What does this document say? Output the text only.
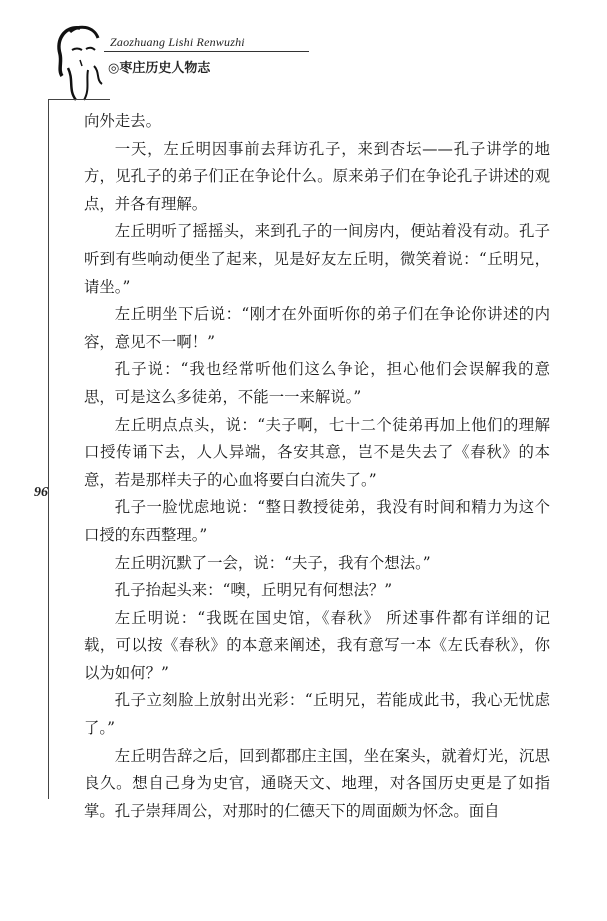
Zaozhuang Lishi Renwuzhi
◎枣庄历史人物志
96

向外走去。

一天，左丘明因事前去拜访孔子，来到杏坛——孔子讲学的地方，见孔子的弟子们正在争论什么。原来弟子们在争论孔子讲述的观点，并各有理解。

左丘明听了摇摇头，来到孔子的一间房内，便站着没有动。孔子听到有些响动便坐了起来，见是好友左丘明，微笑着说：“丘明兄，请坐。”

左丘明坐下后说：“刚才在外面听你的弟子们在争论你讲述的内容，意见不一啊！”

孔子说：“我也经常听他们这么争论，担心他们会误解我的意思，可是这么多徒弟，不能一一来解说。”

左丘明点点头，说：“夫子啊，七十二个徒弟再加上他们的理解口授传诵下去，人人异端，各安其意，岂不是失去了《春秋》的本意，若是那样夫子的心血将要白白流失了。”

孔子一脸忧虑地说：“整日教授徒弟，我没有时间和精力为这个口授的东西整理。”

左丘明沉默了一会，说：“夫子，我有个想法。”

孔子抬起头来：“噢，丘明兄有何想法？”

左丘明说：“我既在国史馆，《春秋》 所述事件都有详细的记载，可以按《春秋》的本意来阐述，我有意写一本《左氏春秋》，你以为如何？”

孔子立刻脸上放射出光彩：“丘明兄，若能成此书，我心无忧虑了。”

左丘明告辞之后，回到都郡庄主国，坐在案头，就着灯光，沉思良久。想自己身为史官，通晓天文、地理，对各国历史更是了如指掌。孔子崇拜周公，对那时的仁德天下的周面颇为怀念。面自
